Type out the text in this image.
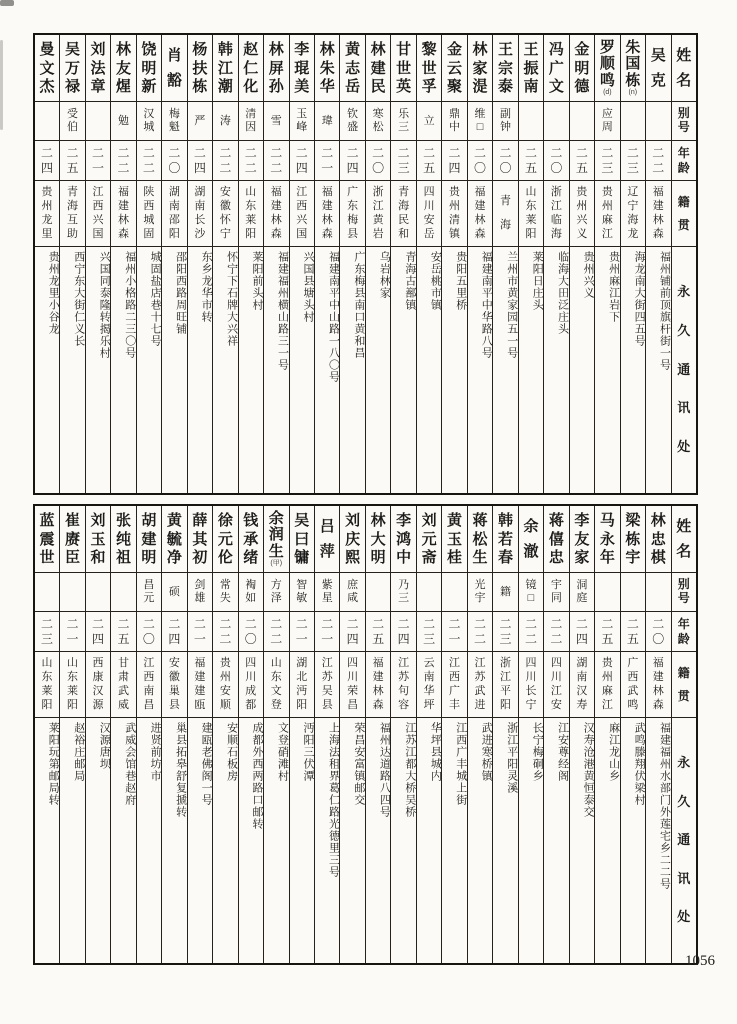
姓
名
别
号
年
龄
籍
贯
永
久
通
讯
处
吴
克
二
二
福
建
林
森
福州铺前顶旗杆街一号
朱
国
栋
(n)
二
三
辽
宁
海
龙
海龙南大街四五号
罗
顺
鸣
(d)
应
周
二
三
贵
州
麻
江
贵州麻江岩下
金
明
德
二
五
贵
州
兴
义
贵州兴义
冯
广
文
二
〇
浙
江
临
海
临海大田泛庄头
王
振
南
二
五
山
东
莱
阳
莱阳日庄头
王
宗
泰
副
钟
二
〇
青
海
兰州市黄家园五一号
林
家
湜
维
□
二
〇
福
建
林
森
福建南平中华路八号
金
云
聚
鼎
中
二
四
贵
州
清
镇
贵阳五里桥
黎
世
孚
立
二
五
四
川
安
岳
安岳桃市镇
甘
世
英
乐
三
二
三
青
海
民
和
青海古鄯镇
林
建
民
寒
松
二
〇
浙
江
黄
岩
乌岩林家
黄
志
岳
钦
盛
二
四
广
东
梅
县
广东梅县南口黄和昌
林
朱
华
瑋
二
一
福
建
林
森
福建南平中山路一八〇号
李
琨
美
玉
峰
二
四
江
西
兴
国
兴国县塘头村
林
屏
孙
雪
二
二
福
建
林
森
福建福州横山路三一号
赵
仁
化
清
因
二
二
山
东
莱
阳
莱阳前头村
韩
江
潮
涛
二
二
安
徽
怀
宁
怀宁下石牌大兴祥
杨
扶
栋
严
二
四
湖
南
长
沙
东乡龙华市转
肖
豁
梅
魁
二
〇
湖
南
邵
阳
邵阳西路周旺铺
饶
明
新
汉
城
二
二
陕
西
城
固
城固盐店巷十七号
林
友
煋
勉
二
二
福
建
林
森
福州小格路二三〇号
刘
法
章
二
一
江
西
兴
国
兴国同泰隆转揭乐村
吴
万
禄
受
伯
二
五
青
海
互
助
西宁东大街仁义长
曼
文
杰
二
四
贵
州
龙
里
贵州龙里小谷龙
姓
名
别
号
年
龄
籍
贯
永
久
通
讯
处
林
忠
棋
二
〇
福
建
林
森
福建福州水部门外莲宅乡二二号
梁
栋
宇
二
五
广
西
武
鸣
武鸣滕翔伏梁村
马
永
年
二
五
贵
州
麻
江
麻江龙山乡
李
友
家
洞
庭
二
四
湖
南
汉
寿
汉寿沧港黄恒泰交
蒋
僖
忠
宇
同
二
二
四
川
江
安
江安尊经阁
余
澈
镜
□
二
二
四
川
长
宁
长宁梅硐乡
韩
若
春
籍
二
三
浙
江
平
阳
浙江平阳灵溪
蒋
松
生
光
宇
二
二
江
苏
武
进
武进寒桥镇
黄
玉
桂
二
一
江
西
广
丰
江西广丰城上街
刘
元
斋
二
三
云
南
华
坪
华坪县城内
李
鸿
中
乃
三
二
四
江
苏
句
容
江苏江都大桥吴桥
林
大
明
二
五
福
建
林
森
福州达道路八四号
刘
庆
熙
庶
咸
二
四
四
川
荣
昌
荣昌安富镇邮交
吕
萍
紫
星
二
一
江
苏
吴
县
上海法租界葛仁路光德里三号
吴
曰
镛
智
敏
二
一
湖
北
沔
阳
沔阳三伏潭
余
润
生
(甲)
方
泽
二
二
山
东
文
登
文登硝滩村
钱
承
绪
裪
如
二
〇
四
川
成
都
成都外西两路口邮转
徐
元
伦
常
失
二
二
贵
州
安
顺
安顺石板房
薛
其
初
剑
雄
二
一
福
建
建
瓯
建瓯老佛阁一号
黄
毓
净
硕
二
四
安
徽
巢
县
巢县拓皋舒复搋转
胡
建
明
昌
元
二
〇
江
西
南
昌
进贤前坊市
张
纯
祖
二
五
甘
肃
武
威
武威会馆巷赵府
刘
玉
和
二
四
西
康
汉
源
汉源唐坝
崔
赓
臣
二
一
山
东
莱
阳
赵裕庄邮局
蓝
震
世
二
三
山
东
莱
阳
莱阳玩第邮局转
1056
